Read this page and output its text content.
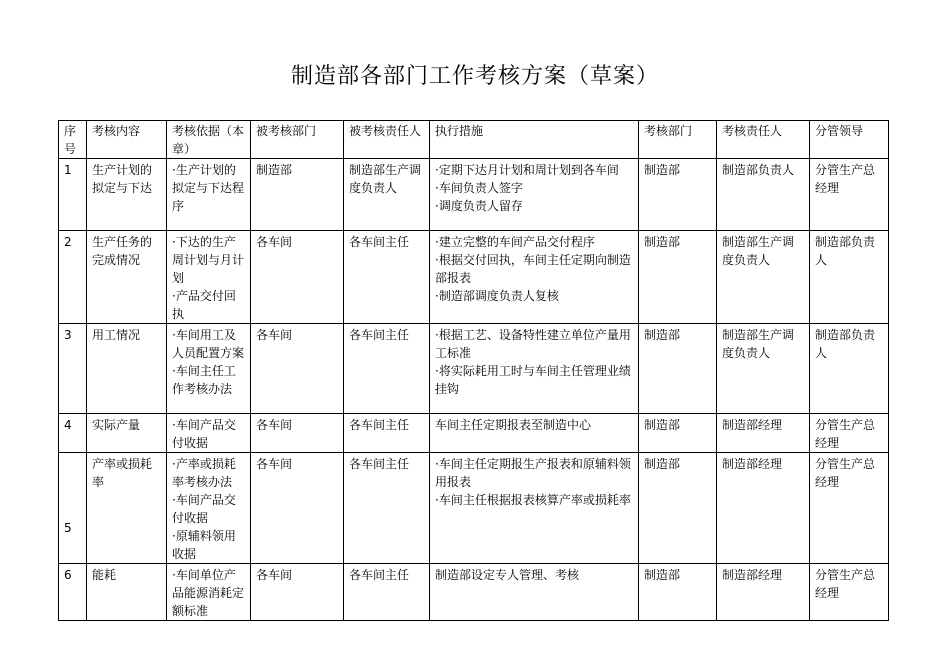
制造部各部门工作考核方案（草案）
序号	考核内容	考核依据（本章）	被考核部门	被考核责任人	执行措施	考核部门	考核责任人	分管领导
1	生产计划的拟定与下达	·生产计划的拟定与下达程序	制造部	制造部生产调度负责人	·定期下达月计划和周计划到各车间
·车间负责人签字
·调度负责人留存	制造部	制造部负责人	分管生产总经理
2	生产任务的完成情况	·下达的生产周计划与月计划
·产品交付回执	各车间	各车间主任	·建立完整的车间产品交付程序
·根据交付回执，车间主任定期向制造部报表
·制造部调度负责人复核	制造部	制造部生产调度负责人	制造部负责人
3	用工情况	·车间用工及人员配置方案
·车间主任工作考核办法	各车间	各车间主任	·根据工艺、设备特性建立单位产量用工标准
·将实际耗用工时与车间主任管理业绩挂钩	制造部	制造部生产调度负责人	制造部负责人
4	实际产量	·车间产品交付收据	各车间	各车间主任	车间主任定期报表至制造中心	制造部	制造部经理	分管生产总经理
5	产率或损耗率	·产率或损耗率考核办法
·车间产品交付收据
·原辅料领用收据	各车间	各车间主任	·车间主任定期报生产报表和原辅料领用报表
·车间主任根据报表核算产率或损耗率	制造部	制造部经理	分管生产总经理
6	能耗	·车间单位产品能源消耗定额标准	各车间	各车间主任	制造部设定专人管理、考核	制造部	制造部经理	分管生产总经理
